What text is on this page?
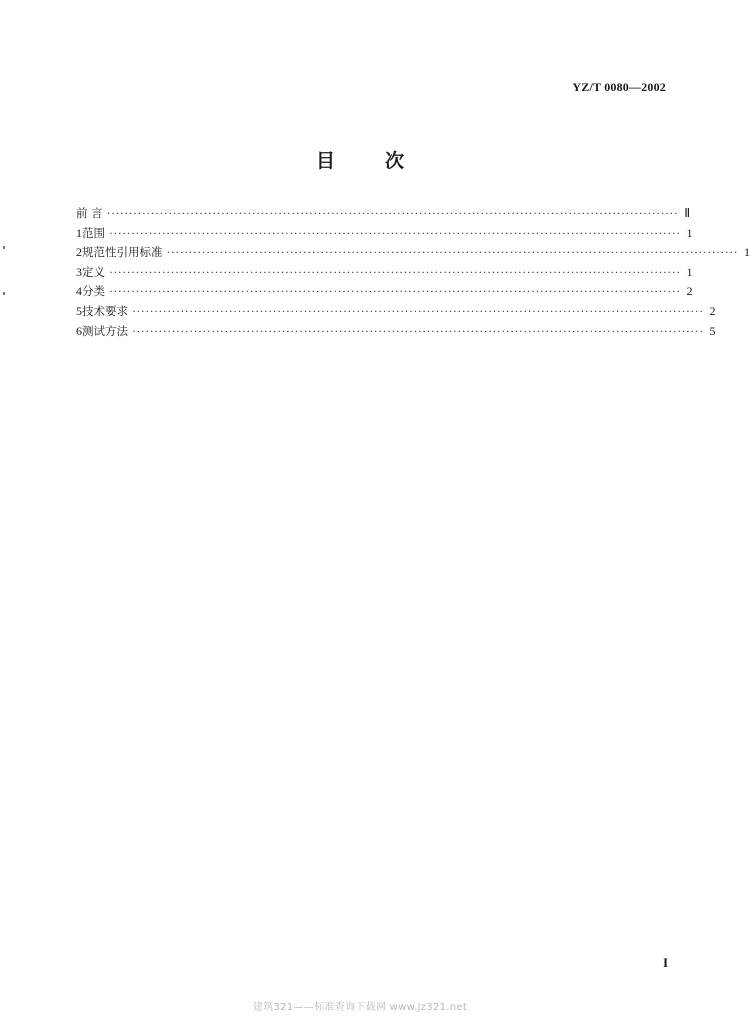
YZ/T 0080—2002
目	次
前 言 ·································································································································· Ⅱ
1 范围 ·································································································································· 1
2 规范性引用标准 ·································································································································· 1
3 定义 ·································································································································· 1
4 分类 ·································································································································· 2
5 技术要求 ·································································································································· 2
6 测试方法 ·································································································································· 5
I
建筑321——标准查询下载网 www.jz321.net
